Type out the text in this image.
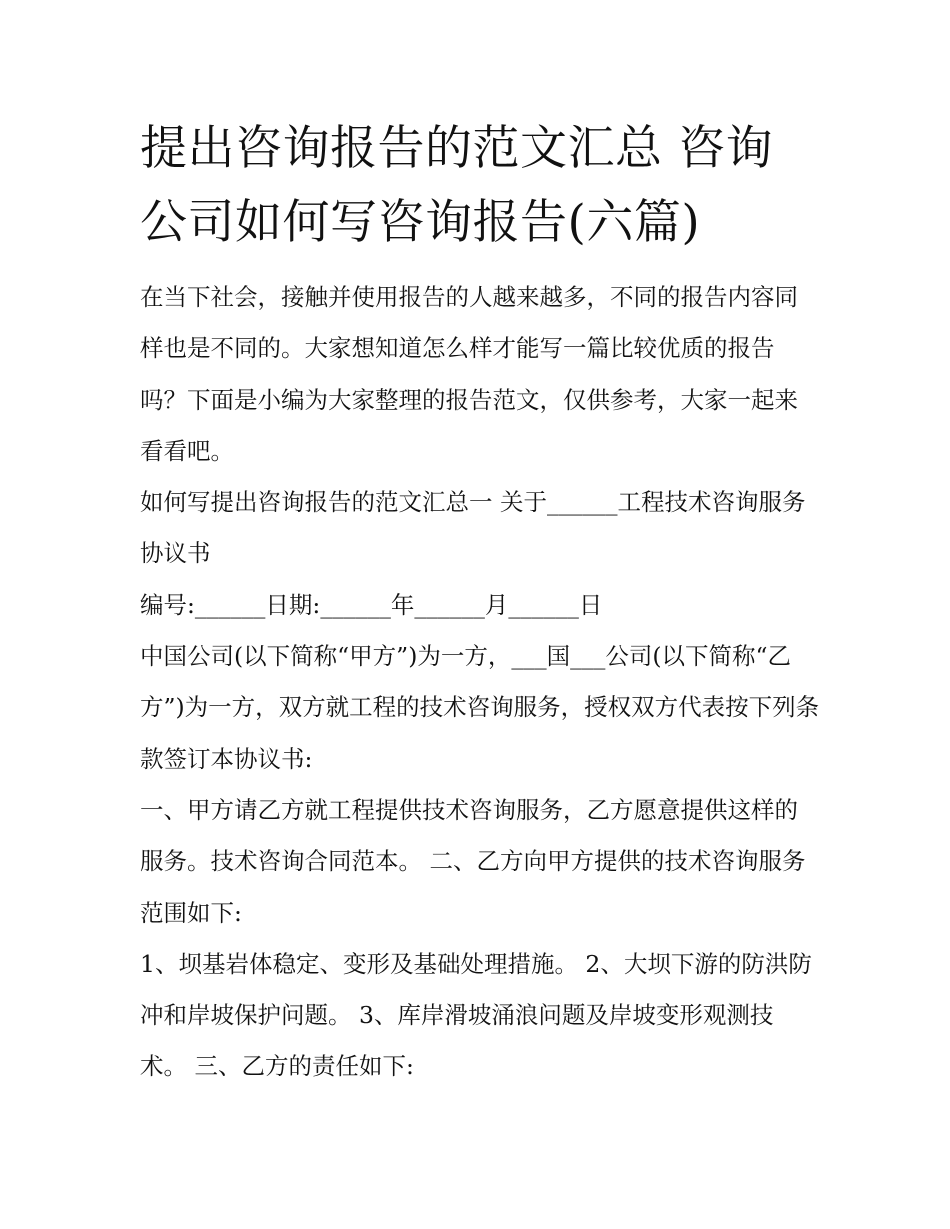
提出咨询报告的范文汇总 咨询公司如何写咨询报告(六篇)

在当下社会，接触并使用报告的人越来越多，不同的报告内容同样也是不同的。大家想知道怎么样才能写一篇比较优质的报告吗？下面是小编为大家整理的报告范文，仅供参考，大家一起来看看吧。

如何写提出咨询报告的范文汇总一 关于______工程技术咨询服务协议书

编号:______日期:______年______月______日

中国公司(以下简称“甲方”)为一方，___国___公司(以下简称“乙方”)为一方，双方就工程的技术咨询服务，授权双方代表按下列条款签订本协议书:

一、甲方请乙方就工程提供技术咨询服务，乙方愿意提供这样的服务。技术咨询合同范本。 二、乙方向甲方提供的技术咨询服务范围如下:

1、坝基岩体稳定、变形及基础处理措施。 2、大坝下游的防洪防冲和岸坡保护问题。 3、库岸滑坡涌浪问题及岸坡变形观测技术。 三、乙方的责任如下:
